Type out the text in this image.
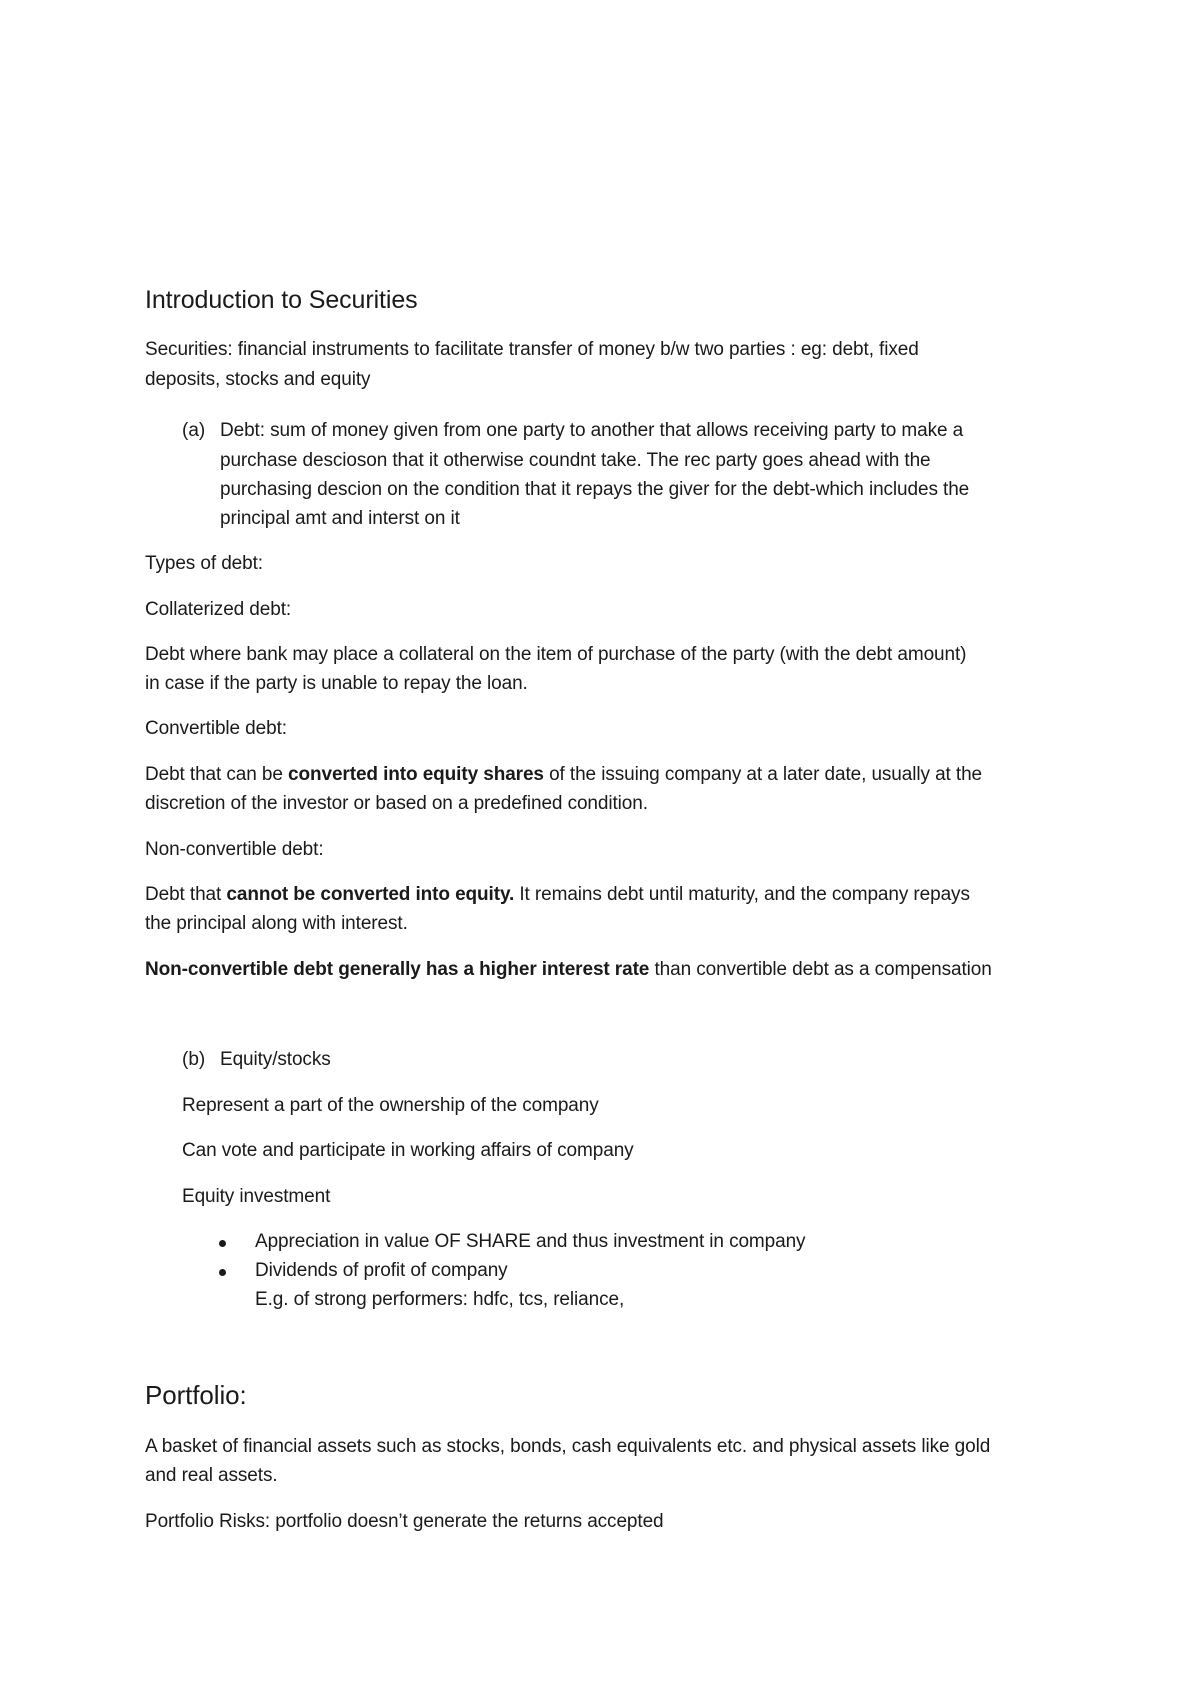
Introduction to Securities
Securities: financial instruments to facilitate transfer of money b/w two parties : eg: debt, fixed
deposits, stocks and equity
(a) Debt: sum of money given from one party to another that allows receiving party to make a
purchase descioson that it otherwise coundnt take. The rec party goes ahead with the
purchasing descion on the condition that it repays the giver for the debt-which includes the
principal amt and interst on it
Types of debt:
Collaterized debt:
Debt where bank may place a collateral on the item of purchase of the party (with the debt amount)
in case if the party is unable to repay the loan.
Convertible debt:
Debt that can be converted into equity shares of the issuing company at a later date, usually at the
discretion of the investor or based on a predefined condition.
Non-convertible debt:
Debt that cannot be converted into equity. It remains debt until maturity, and the company repays
the principal along with interest.
Non-convertible debt generally has a higher interest rate than convertible debt as a compensation
(b) Equity/stocks
Represent a part of the ownership of the company
Can vote and participate in working affairs of company
Equity investment
Appreciation in value OF SHARE and thus investment in company
Dividends of profit of company
E.g. of strong performers: hdfc, tcs, reliance,
Portfolio:
A basket of financial assets such as stocks, bonds, cash equivalents etc. and physical assets like gold
and real assets.
Portfolio Risks: portfolio doesn’t generate the returns accepted
